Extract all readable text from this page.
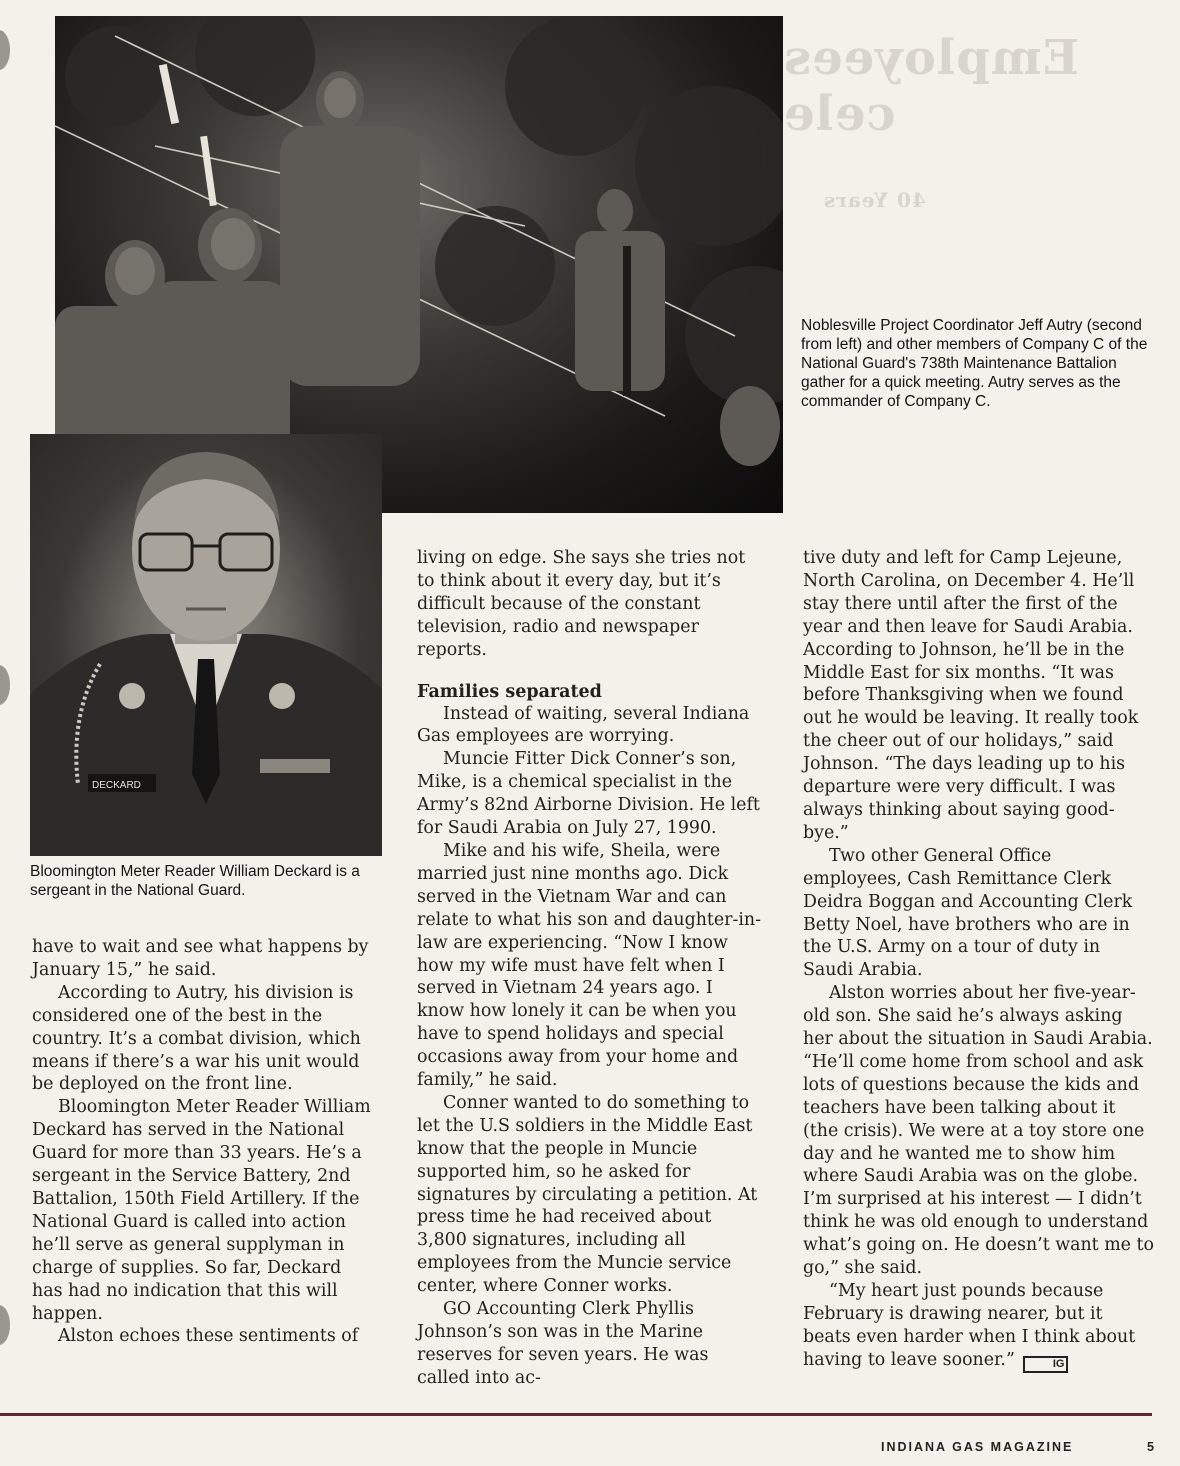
Employees cele
40 Years
Noblesville Project Coordinator Jeff Autry (second from left) and other members of Company C of the National Guard's 738th Maintenance Battalion gather for a quick meeting. Autry serves as the commander of Company C.
DECKARD
Bloomington Meter Reader William Deckard is a sergeant in the National Guard.

have to wait and see what happens by January 15,” he said.

According to Autry, his division is considered one of the best in the country. It’s a combat division, which means if there’s a war his unit would be deployed on the front line.

Bloomington Meter Reader William Deckard has served in the National Guard for more than 33 years. He’s a sergeant in the Service Battery, 2nd Battalion, 150th Field Artillery. If the National Guard is called into action he’ll serve as general supplyman in charge of supplies. So far, Deckard has had no indication that this will happen.

Alston echoes these sentiments of

living on edge. She says she tries not to think about it every day, but it’s difficult because of the constant television, radio and newspaper reports.

Families separated

Instead of waiting, several Indiana Gas employees are worrying.

Muncie Fitter Dick Conner’s son, Mike, is a chemical specialist in the Army’s 82nd Airborne Division. He left for Saudi Arabia on July 27, 1990.

Mike and his wife, Sheila, were married just nine months ago. Dick served in the Vietnam War and can relate to what his son and daughter-in-law are experiencing. “Now I know how my wife must have felt when I served in Vietnam 24 years ago. I know how lonely it can be when you have to spend holidays and special occasions away from your home and family,” he said.

Conner wanted to do something to let the U.S soldiers in the Middle East know that the people in Muncie supported him, so he asked for signatures by circulating a petition. At press time he had received about 3,800 signatures, including all employees from the Muncie service center, where Conner works.

GO Accounting Clerk Phyllis Johnson’s son was in the Marine reserves for seven years. He was called into ac-

tive duty and left for Camp Lejeune, North Carolina, on December 4. He’ll stay there until after the first of the year and then leave for Saudi Arabia. According to Johnson, he’ll be in the Middle East for six months. “It was before Thanksgiving when we found out he would be leaving. It really took the cheer out of our holidays,” said Johnson. “The days leading up to his departure were very difficult. I was always thinking about saying good-bye.”

Two other General Office employees, Cash Remittance Clerk Deidra Boggan and Accounting Clerk Betty Noel, have brothers who are in the U.S. Army on a tour of duty in Saudi Arabia.

Alston worries about her five-year-old son. She said he’s always asking her about the situation in Saudi Arabia. “He’ll come home from school and ask lots of questions because the kids and teachers have been talking about it (the crisis). We were at a toy store one day and he wanted me to show him where Saudi Arabia was on the globe. I’m surprised at his interest — I didn’t think he was old enough to understand what’s going on. He doesn’t want me to go,” she said.

“My heart just pounds because February is drawing nearer, but it beats even harder when I think about having to leave sooner.”	IG

INDIANA GAS MAGAZINE	5
